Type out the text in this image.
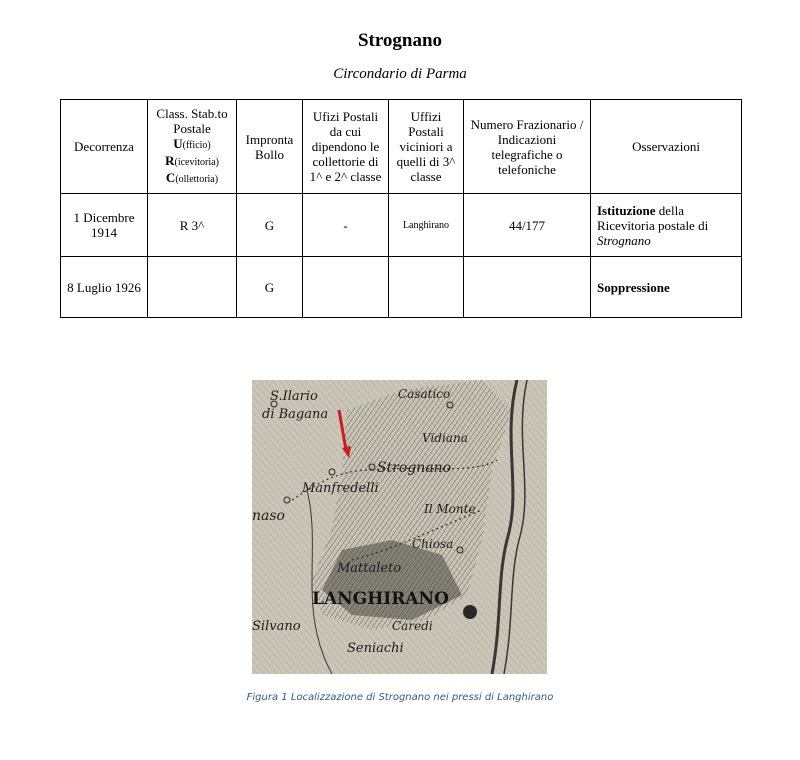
Strognano
Circondario di Parma
Decorrenza	Class. Stab.to
Postale
U(fficio)
R(icevitoria)
C(ollettoria)	Impronta Bollo	Ufizi Postali da cui dipendono le collettorie di 1^ e 2^ classe	Uffizi Postali viciniori a quelli di 3^ classe	Numero Frazionario / Indicazioni telegrafiche o telefoniche	Osservazioni
1 Dicembre 1914	R 3^	G	-	Langhirano	44/177	Istituzione della Ricevitoria postale di Strognano
8 Luglio 1926		G				Soppressione
S.Ilario
di Bagana
Casatico
Vidiana
Strognano
Manfredelli
Il Monte
Chiosa
Mattaleto
naso
Silvano	Caredi
Seniachi
LANGHIRANO
Figura 1 Localizzazione di Strognano nei pressi di Langhirano
